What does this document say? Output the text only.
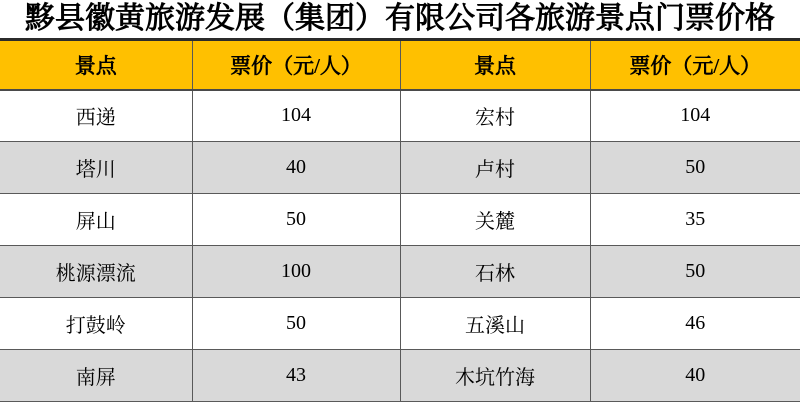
黟县徽黄旅游发展（集团）有限公司各旅游景点门票价格
景点	票价（元/人）	景点	票价（元/人）
西递	104	宏村	104
塔川	40	卢村	50
屏山	50	关麓	35
桃源漂流	100	石林	50
打鼓岭	50	五溪山	46
南屏	43	木坑竹海	40
